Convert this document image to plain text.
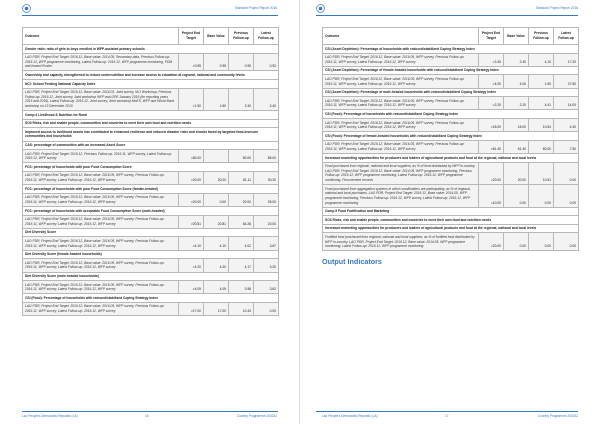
Standard Project Report 2016
Outcome	Project End Target	Base Value	Previous Follow-up	Latest Follow-up
Gender ratio: ratio of girls to boys enrolled in WFP-assisted primary schools				
LAO PDR, Project End Target: 2016.12, Base value: 2014.05, Secondary data, Previous Follow-up: 2016.12, WFP programme monitoring, Latest Follow-up: 2016.12, WFP programme monitoring, PDM and Inward Roster	>0.95	0.95	0.95	0.92
Ownership and capacity strengthened to reduce undernutrition and increase access to education at regional, national and community levels				
NCI: School Feeding National Capacity Index				
LAO PDR, Project End Target: 2016.12, Base value: 2014.03, Joint survey, NCI Workshop, Previous Follow-up: 2016.12, Joint survey, Joint workshop WFP and GPE January 2016 (for reporting years 2015 and 2016), Latest Follow-up: 2016.12, Joint survey, Joint workshop MoES, WFP and World Bank workshop on 13 December 2016	>1.50	1.50	2.40	2.40
Comp.4 Livelihood & Nutrition for Rural				
SO3 Risks, risk and enable people, communities and countries to meet their own food and nutrition needs				
Improved access to livelihood assets has contributed to enhanced resilience and reduced disaster risks and shocks faced by targeted food-insecure communities and households				
CAS: percentage of communities with an increased Asset Score				
LAO PDR, Project End Target: 2016.12, Previous Follow-up: 2016.11, WFP survey, Latest Follow-up: 2016.12, WFP survey	=80.00		80.00	85.00
FCS: percentage of households with poor Food Consumption Score				
LAO PDR, Project End Target: 2016.12, Base value: 2016.05, WFP survey, Previous Follow-up: 2016.11, WFP survey, Latest Follow-up: 2016.12, WFP survey	<20.00	20.00	81.11	30.20
FCS: percentage of households with poor Food Consumption Score (female-headed)				
LAO PDR, Project End Target: 2016.12, Base value: 2016.05, WFP survey, Previous Follow-up: 2016.11, WFP survey, Latest Follow-up: 2016.12, WFP survey	<20.00	0.00	20.00	25.00
FCS: percentage of households with acceptable Food Consumption Score (male-headed)				
LAO PDR, Project End Target: 2016.12, Base value: 2016.05, WFP survey, Previous Follow-up: 2016.11, WFP survey, Latest Follow-up: 2016.12, WFP survey	>20.81	20.81	64.28	20.00
Diet Diversity Score				
LAO PDR, Project End Target: 2016.12, Base value: 2016.05, WFP survey, Previous Follow-up: 2016.11, WFP survey, Latest Follow-up: 2016.12, WFP survey	>4.10	4.10	4.02	3.67
Diet Diversity Score (female-headed households)				
LAO PDR, Project End Target: 2016.12, Base value: 2016.05, WFP survey, Previous Follow-up: 2016.11, WFP survey, Latest Follow-up: 2016.12, WFP survey	>4.20	4.20	4.17	3.20
Diet Diversity Score (male-headed households)				
LAO PDR, Project End Target: 2016.12, Base value: 2016.05, WFP survey, Previous Follow-up: 2016.11, WFP survey, Latest Follow-up: 2016.12, WFP survey	>4.09	4.09	3.98	3.62
CSI (Food): Percentage of households with reduced/stabilized Coping Strategy Index				
LAO PDR, Project End Target: 2016.12, Base value: 2016.05, WFP survey, Previous Follow-up: 2016.11, WFP survey, Latest Follow-up: 2016.12, WFP survey	>17.00	17.00	10.43	0.00
Lao People's Democratic Republic (LA)	16	Country Programme 200242
Standard Project Report 2016
Outcome	Project End Target	Base Value	Previous Follow-up	Latest Follow-up
CSI (Asset Depletion): Percentage of households with reduced/stabilized Coping Strategy Index				
LAO PDR, Project End Target: 2016.12, Base value: 2016.05, WFP survey, Previous Follow-up: 2016.11, WFP survey, Latest Follow-up: 2016.12, WFP survey	>2.40	2.40	4.10	17.20
CSI (Asset Depletion): Percentage of female-headed households with reduced/stabilized Coping Strategy Index				
LAO PDR, Project End Target: 2016.12, Base value: 2016.05, WFP survey, Previous Follow-up: 2016.11, WFP survey, Latest Follow-up: 2016.12, WFP survey	>4.00	4.00	1.50	27.50
CSI (Asset Depletion): Percentage of male-headed households with reduced/stabilized Coping Strategy Index				
LAO PDR, Project End Target: 2016.12, Base value: 2016.05, WFP survey, Previous Follow-up: 2016.11, WFP survey, Latest Follow-up: 2016.12, WFP survey	>2.20	2.20	4.41	14.00
CSI (Food): Percentage of households with reduced/stabilized Coping Strategy Index				
LAO PDR, Project End Target: 2016.12, Base value: 2016.05, WFP survey, Previous Follow-up: 2016.11, WFP survey, Latest Follow-up: 2016.12, WFP survey	>18.00	18.00	10.54	4.30
CSI (Food): Percentage of female-headed households with reduced/stabilized Coping Strategy Index				
LAO PDR, Project End Target: 2016.12, Base value: 2016.05, WFP survey, Previous Follow-up: 2016.11, WFP survey, Latest Follow-up: 2016.12, WFP survey	>61.40	61.40	80.00	7.50
Increased marketing opportunities for producers and traders of agricultural products and food at the regional, national and local levels				
Food purchased from regional, national and local suppliers, as % of food distributed by WFP in-country. LAO PDR, Project End Target: 2016.12, Base value: 2014.05, WFP programme monitoring, Previous Follow-up: 2016.12, WFP programme monitoring, Latest Follow-up: 2016.12, WFP programme monitoring, Procurement records	=20.00	20.00	10.51	0.00
Food purchased from aggregation systems in which smallholders are participating, as % of regional, national and local purchases. LAO PDR, Project End Target: 2016.12, Base value: 2014.05, WFP programme monitoring, Previous Follow-up: 2016.12, WFP survey, Latest Follow-up: 2016.12, WFP programme monitoring	=10.00	0.00	0.00	0.00
Comp.5 Food Fortification and Marketing				
SO3 Risks, risk and enable people, communities and countries to meet their own food and nutrition needs				
Increased marketing opportunities for producers and traders of agricultural products and food at the regional, national and local levels				
Fortified food purchased from regional, national and local suppliers, as % of fortified food distributed by WFP in-country. LAO PDR, Project End Target: 2016.12, Base value: 2014.05, WFP programme monitoring, Latest Follow-up: 2016.12, WFP programme monitoring	=20.00	0.00	0.00	0.00
Output Indicators
Lao People's Democratic Republic (LA)	17	Country Programme 200242
